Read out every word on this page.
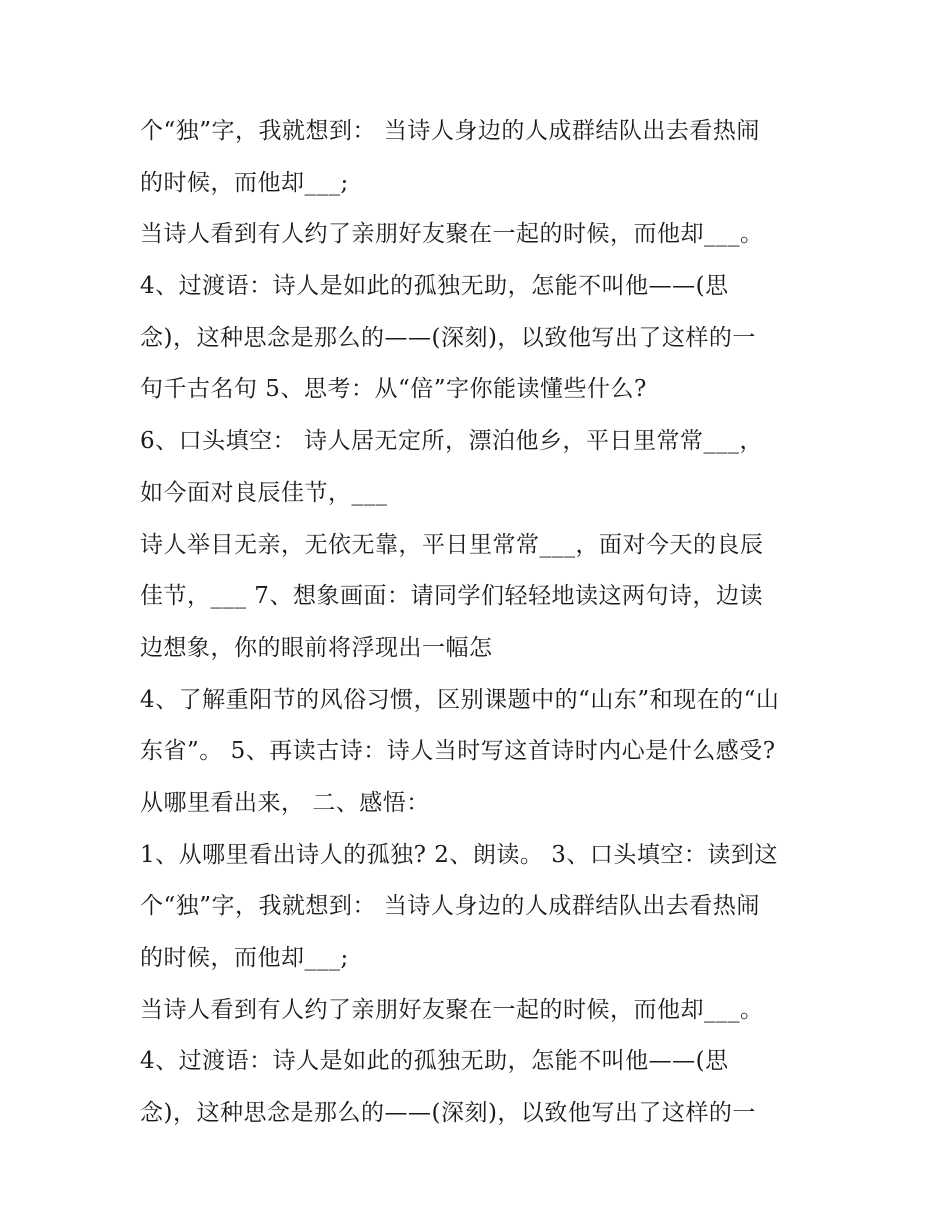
个“独”字，我就想到： 当诗人身边的人成群结队出去看热闹
的时候，而他却___;
当诗人看到有人约了亲朋好友聚在一起的时候，而他却___。
4、过渡语：诗人是如此的孤独无助，怎能不叫他——(思
念)，这种思念是那么的——(深刻)，以致他写出了这样的一
句千古名句 5、思考：从“倍”字你能读懂些什么?
6、口头填空： 诗人居无定所，漂泊他乡，平日里常常___，
如今面对良辰佳节，___
诗人举目无亲，无依无靠，平日里常常___，面对今天的良辰
佳节，___ 7、想象画面：请同学们轻轻地读这两句诗，边读
边想象，你的眼前将浮现出一幅怎
4、了解重阳节的风俗习惯，区别课题中的“山东”和现在的“山
东省”。 5、再读古诗：诗人当时写这首诗时内心是什么感受?
从哪里看出来， 二、感悟：
1、从哪里看出诗人的孤独? 2、朗读。 3、口头填空：读到这
个“独”字，我就想到： 当诗人身边的人成群结队出去看热闹
的时候，而他却___;
当诗人看到有人约了亲朋好友聚在一起的时候，而他却___。
4、过渡语：诗人是如此的孤独无助，怎能不叫他——(思
念)，这种思念是那么的——(深刻)，以致他写出了这样的一
